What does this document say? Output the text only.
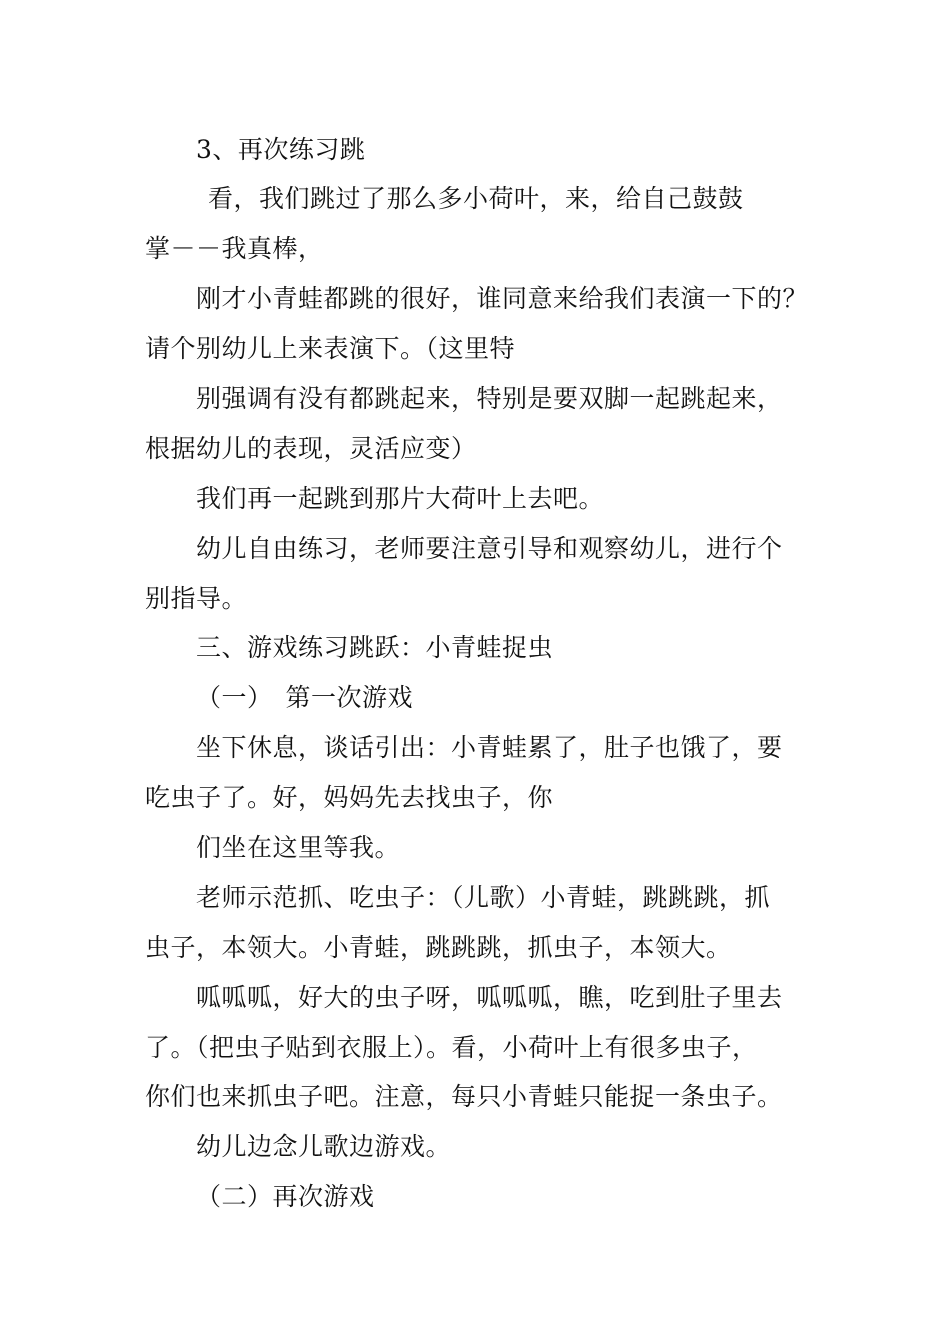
3、再次练习跳
看，我们跳过了那么多小荷叶，来，给自己鼓鼓
掌－－我真棒，
刚才小青蛙都跳的很好，谁同意来给我们表演一下的？
请个别幼儿上来表演下。（这里特
别强调有没有都跳起来，特别是要双脚一起跳起来，
根据幼儿的表现，灵活应变）
我们再一起跳到那片大荷叶上去吧。
幼儿自由练习，老师要注意引导和观察幼儿，进行个
别指导。
三、游戏练习跳跃：小青蛙捉虫
（一）　第一次游戏
坐下休息，谈话引出：小青蛙累了，肚子也饿了，要
吃虫子了。好，妈妈先去找虫子，你
们坐在这里等我。
老师示范抓、吃虫子：（儿歌）小青蛙，跳跳跳，抓
虫子，本领大。小青蛙，跳跳跳，抓虫子，本领大。
呱呱呱，好大的虫子呀，呱呱呱，瞧，吃到肚子里去
了。（把虫子贴到衣服上）。看，小荷叶上有很多虫子，
你们也来抓虫子吧。注意，每只小青蛙只能捉一条虫子。
幼儿边念儿歌边游戏。
（二）再次游戏
